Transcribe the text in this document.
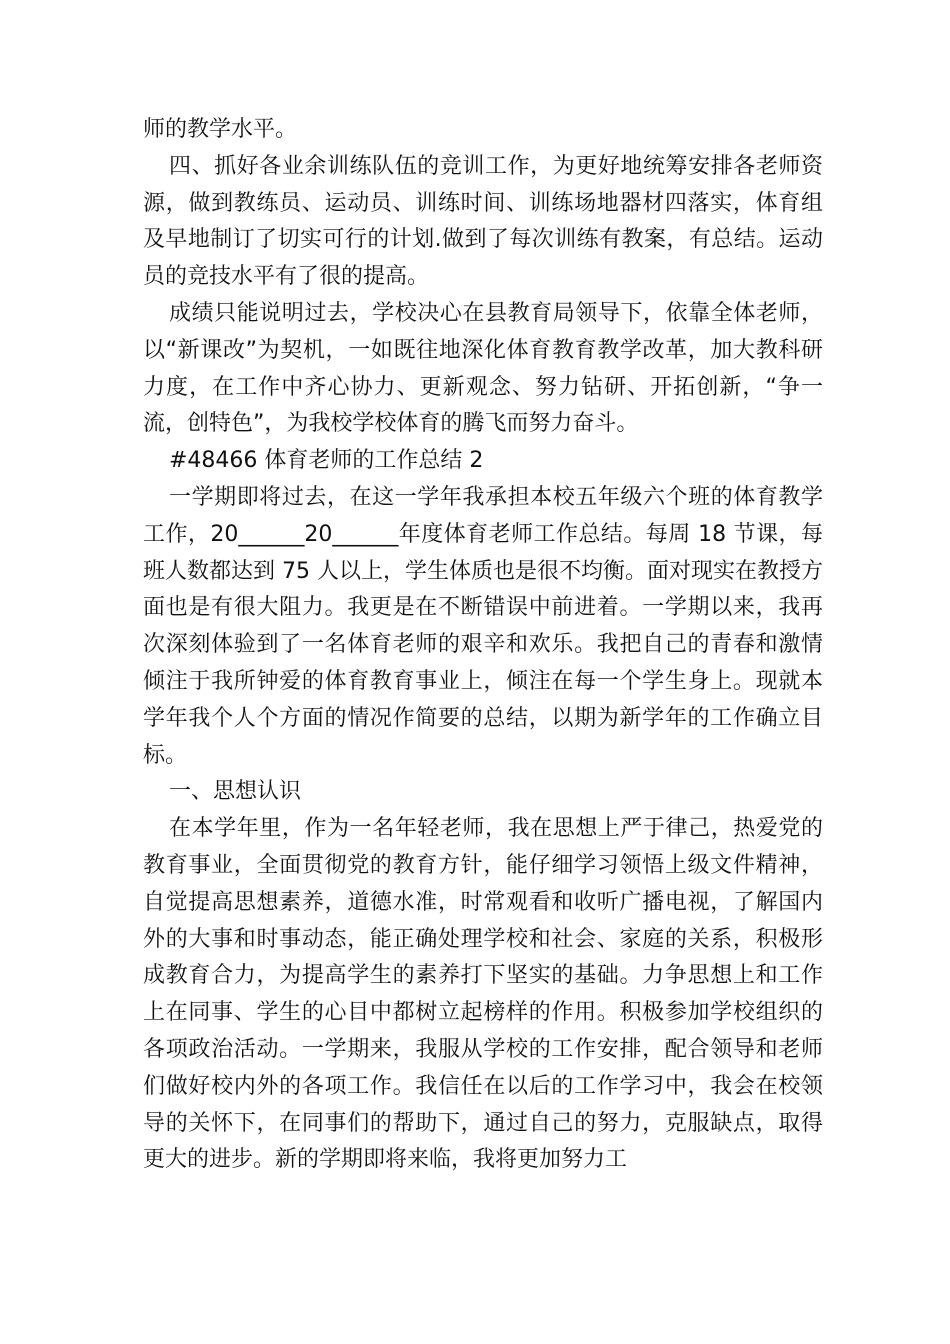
师的教学水平。

四、抓好各业余训练队伍的竞训工作，为更好地统筹安排各老师资源，做到教练员、运动员、训练时间、训练场地器材四落实，体育组及早地制订了切实可行的计划.做到了每次训练有教案，有总结。运动员的竞技水平有了很的提高。

成绩只能说明过去，学校决心在县教育局领导下，依靠全体老师，以“新课改”为契机，一如既往地深化体育教育教学改革，加大教科研力度，在工作中齐心协力、更新观念、努力钻研、开拓创新，“争一流，创特色”，为我校学校体育的腾飞而努力奋斗。

#48466 体育老师的工作总结 2

一学期即将过去，在这一学年我承担本校五年级六个班的体育教学工作，20______20______年度体育老师工作总结。每周 18 节课，每班人数都达到 75 人以上，学生体质也是很不均衡。面对现实在教授方面也是有很大阻力。我更是在不断错误中前进着。一学期以来，我再次深刻体验到了一名体育老师的艰辛和欢乐。我把自己的青春和激情倾注于我所钟爱的体育教育事业上，倾注在每一个学生身上。现就本学年我个人个方面的情况作简要的总结，以期为新学年的工作确立目标。

一、思想认识

在本学年里，作为一名年轻老师，我在思想上严于律己，热爱党的教育事业，全面贯彻党的教育方针，能仔细学习领悟上级文件精神，自觉提高思想素养，道德水准，时常观看和收听广播电视，了解国内外的大事和时事动态，能正确处理学校和社会、家庭的关系，积极形成教育合力，为提高学生的素养打下坚实的基础。力争思想上和工作上在同事、学生的心目中都树立起榜样的作用。积极参加学校组织的各项政治活动。一学期来，我服从学校的工作安排，配合领导和老师们做好校内外的各项工作。我信任在以后的工作学习中，我会在校领导的关怀下，在同事们的帮助下，通过自己的努力，克服缺点，取得更大的进步。新的学期即将来临，我将更加努力工
